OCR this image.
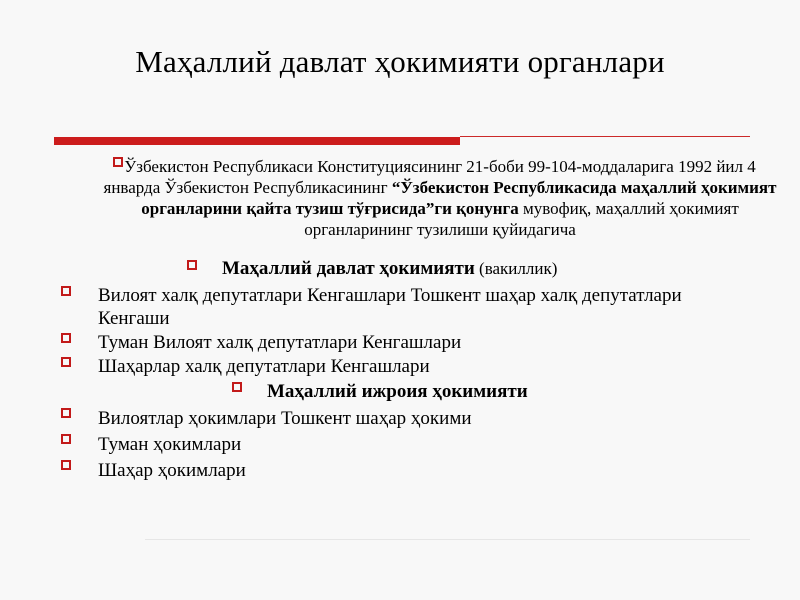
Маҳаллий давлат ҳокимияти органлари
Ўзбекистон Республикаси Конституциясининг 21-боби 99-104-моддаларига 1992 йил 4 январда Ўзбекистон Республикасининг “Ўзбекистон Республикасида маҳаллий ҳокимият органларини қайта тузиш тўғрисида”ги қонунга мувофиқ, маҳаллий ҳокимият органларининг тузилиши қуйидагича
Маҳаллий давлат ҳокимияти (вакиллик)
Вилоят халқ депутатлари Кенгашлари Тошкент шаҳар халқ депутатлари Кенгаши
Туман Вилоят халқ депутатлари Кенгашлари
Шаҳарлар халқ депутатлари Кенгашлари
Маҳаллий ижроия ҳокимияти
Вилоятлар ҳокимлари Тошкент шаҳар ҳокими
Туман ҳокимлари
Шаҳар ҳокимлари
